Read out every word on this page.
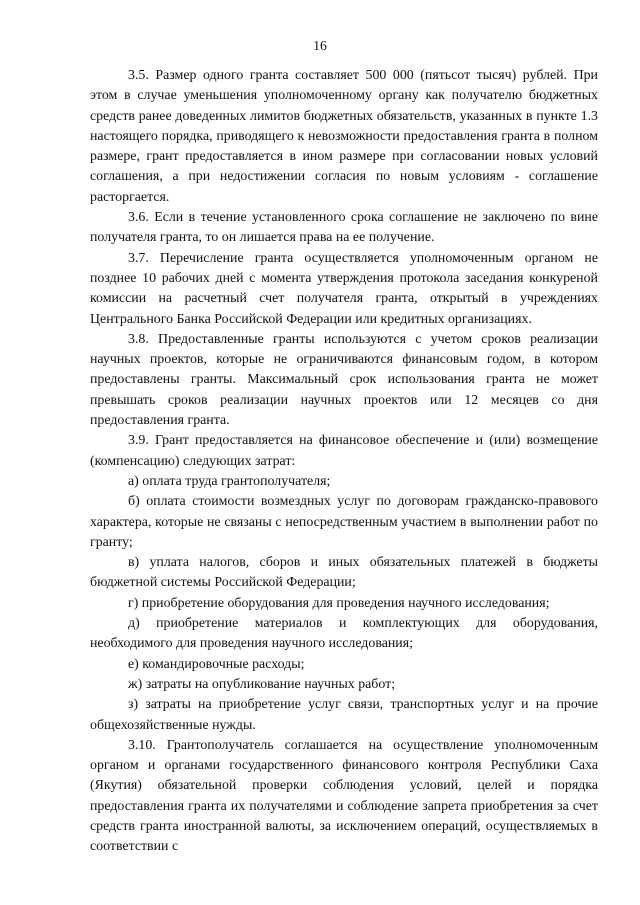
16

3.5. Размер одного гранта составляет 500 000 (пятьсот тысяч) рублей. При этом в случае уменьшения уполномоченному органу как получателю бюджетных средств ранее доведенных лимитов бюджетных обязательств, указанных в пункте 1.3 настоящего порядка, приводящего к невозможности предоставления гранта в полном размере, грант предоставляется в ином размере при согласовании новых условий соглашения, а при недостижении согласия по новым условиям - соглашение расторгается.

3.6. Если в течение установленного срока соглашение не заключено по вине получателя гранта, то он лишается права на ее получение.

3.7. Перечисление гранта осуществляется уполномоченным органом не позднее 10 рабочих дней с момента утверждения протокола заседания конкуреной комиссии на расчетный счет получателя гранта, открытый в учреждениях Центрального Банка Российской Федерации или кредитных организациях.

3.8. Предоставленные гранты используются с учетом сроков реализации научных проектов, которые не ограничиваются финансовым годом, в котором предоставлены гранты. Максимальный срок использования гранта не может превышать сроков реализации научных проектов или 12 месяцев со дня предоставления гранта.

3.9. Грант предоставляется на финансовое обеспечение и (или) возмещение (компенсацию) следующих затрат:

а) оплата труда грантополучателя;

б) оплата стоимости возмездных услуг по договорам гражданско-правового характера, которые не связаны с непосредственным участием в выполнении работ по гранту;

в) уплата налогов, сборов и иных обязательных платежей в бюджеты бюджетной системы Российской Федерации;

г) приобретение оборудования для проведения научного исследования;

д) приобретение материалов и комплектующих для оборудования, необходимого для проведения научного исследования;

е) командировочные расходы;

ж) затраты на опубликование научных работ;

з) затраты на приобретение услуг связи, транспортных услуг и на прочие общехозяйственные нужды.

3.10. Грантополучатель соглашается на осуществление уполномоченным органом и органами государственного финансового контроля Республики Саха (Якутия) обязательной проверки соблюдения условий, целей и порядка предоставления гранта их получателями и соблюдение запрета приобретения за счет средств гранта иностранной валюты, за исключением операций, осуществляемых в соответствии с
